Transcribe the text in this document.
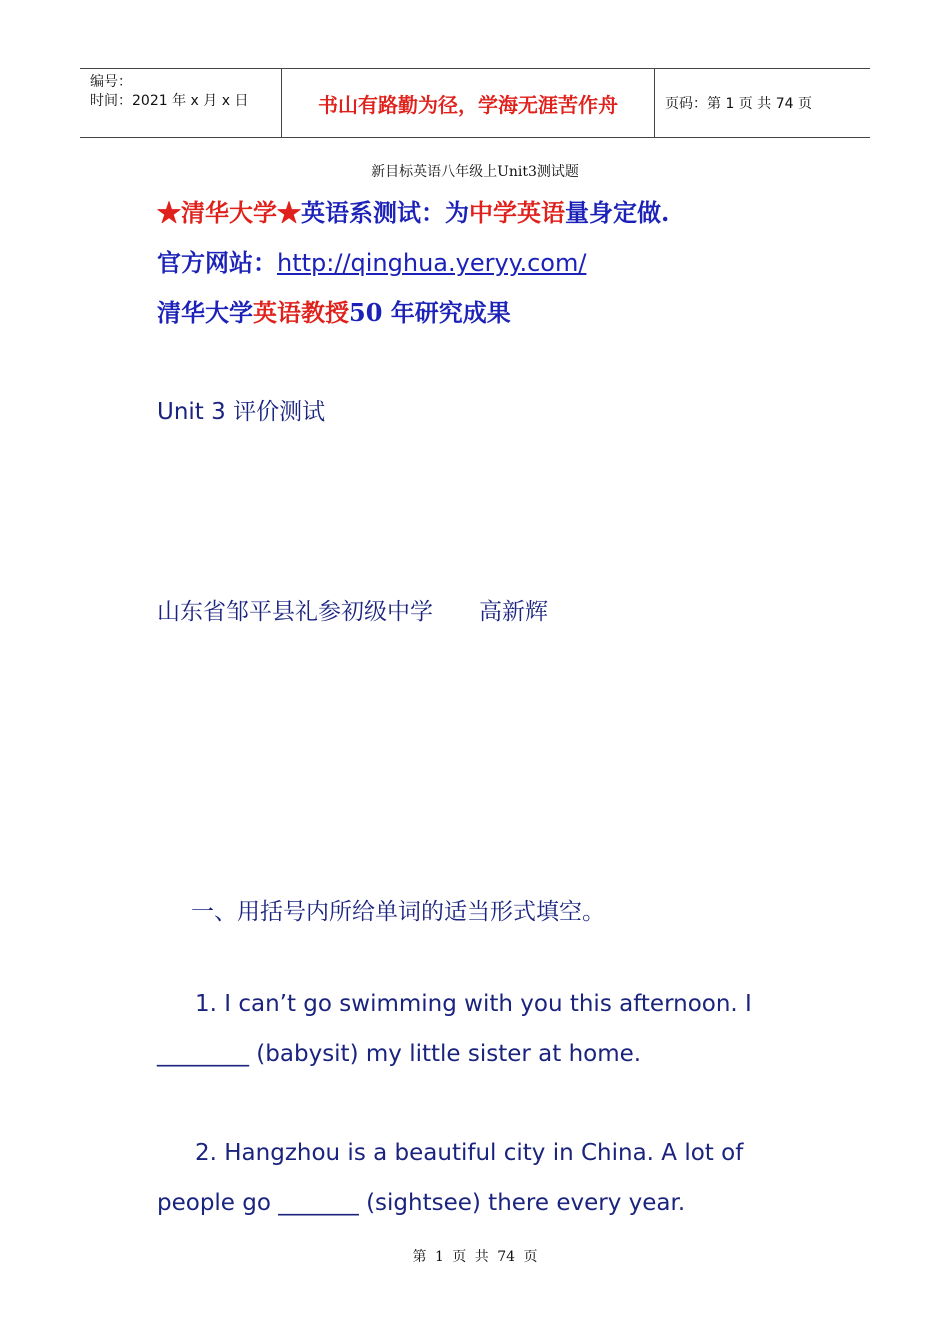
编号：
时间：2021 年 x 月 x 日	书山有路勤为径，学海无涯苦作舟	页码：第 1 页 共 74 页
新目标英语八年级上Unit3测试题
★清华大学★英语系测试：为中学英语量身定做.
官方网站：http://qinghua.yeryy.com/
清华大学英语教授50 年研究成果
Unit 3 评价测试
山东省邹平县礼参初级中学　　高新辉
一、用括号内所给单词的适当形式填空。
1. I can’t go swimming with you this afternoon. I
________ (babysit) my little sister at home.
2. Hangzhou is a beautiful city in China. A lot of
people go _______ (sightsee) there every year.
第 1 页 共 74 页
